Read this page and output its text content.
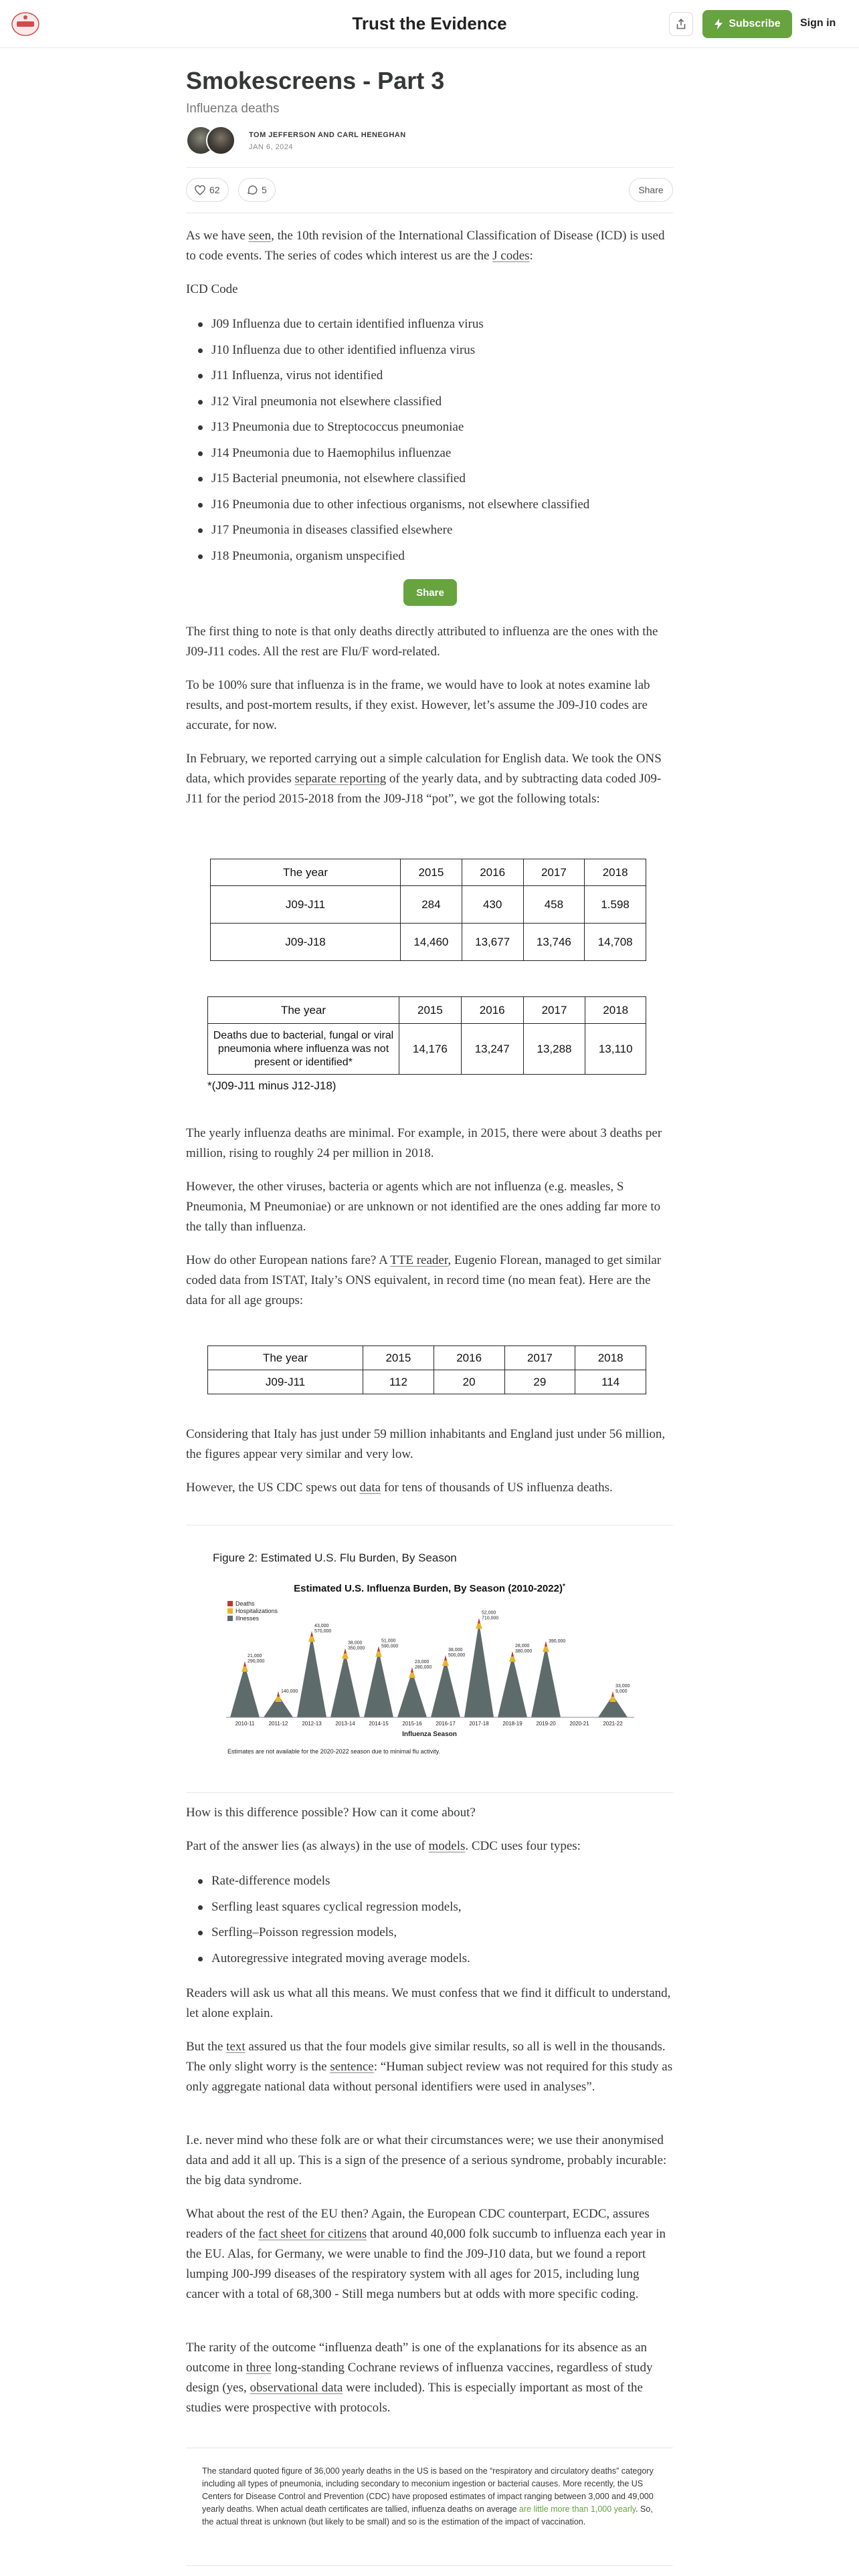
Trust the Evidence	Subscribe Sign in
Smokescreens - Part 3
Influenza deaths
TOM JEFFERSON AND CARL HENEGHAN
JAN 6, 2024
62	5	Share
As we have seen, the 10th revision of the International Classification of Disease (ICD) is used to code events. The series of codes which interest us are the J codes:
ICD Code
J09 Influenza due to certain identified influenza virus
J10 Influenza due to other identified influenza virus
J11 Influenza, virus not identified
J12 Viral pneumonia not elsewhere classified
J13 Pneumonia due to Streptococcus pneumoniae
J14 Pneumonia due to Haemophilus influenzae
J15 Bacterial pneumonia, not elsewhere classified
J16 Pneumonia due to other infectious organisms, not elsewhere classified
J17 Pneumonia in diseases classified elsewhere
J18 Pneumonia, organism unspecified
Share
The first thing to note is that only deaths directly attributed to influenza are the ones with the J09-J11 codes. All the rest are Flu/F word-related.
To be 100% sure that influenza is in the frame, we would have to look at notes examine lab results, and post-mortem results, if they exist. However, let’s assume the J09-J10 codes are accurate, for now.
In February, we reported carrying out a simple calculation for English data. We took the ONS data, which provides separate reporting of the yearly data, and by subtracting data coded J09-J11 for the period 2015-2018 from the J09-J18 “pot”, we got the following totals:
The year	2015	2016	2017	2018
J09-J11	284	430	458	1.598
J09-J18	14,460	13,677	13,746	14,708
The year	2015	2016	2017	2018
Deaths due to bacterial, fungal or viral pneumonia where influenza was not present or identified*	14,176	13,247	13,288	13,110
*(J09-J11 minus J12-J18)
The yearly influenza deaths are minimal. For example, in 2015, there were about 3 deaths per million, rising to roughly 24 per million in 2018.
However, the other viruses, bacteria or agents which are not influenza (e.g. measles, S Pneumonia, M Pneumoniae) or are unknown or not identified are the ones adding far more to the tally than influenza.
How do other European nations fare? A TTE reader, Eugenio Florean, managed to get similar coded data from ISTAT, Italy’s ONS equivalent, in record time (no mean feat). Here are the data for all age groups:
The year	2015	2016	2017	2018
J09-J11	112	20	29	114
Considering that Italy has just under 59 million inhabitants and England just under 56 million, the figures appear very similar and very low.
However, the US CDC spews out data for tens of thousands of US influenza deaths.
Figure 2: Estimated U.S. Flu Burden, By Season
Estimated U.S. Influenza Burden, By Season (2010-2022)*
Deaths
Hospitalizations
Illnesses
21,000
290,000
140,000
43,000
570,000
38,000
350,000
51,000
590,000
23,000
280,000
38,000
500,000
52,000
710,000
28,000
380,000
390,000
33,000
9,000
2010-11	2011-12	2012-13	2013-14	2014-15	2015-16	2016-17	2017-18	2018-19	2019-20	2020-21	2021-22
Influenza Season
Estimates are not available for the 2020-2022 season due to minimal flu activity.
How is this difference possible? How can it come about?
Part of the answer lies (as always) in the use of models. CDC uses four types:
Rate-difference models
Serfling least squares cyclical regression models,
Serfling–Poisson regression models,
Autoregressive integrated moving average models.
Readers will ask us what all this means. We must confess that we find it difficult to understand, let alone explain.
But the text assured us that the four models give similar results, so all is well in the thousands. The only slight worry is the sentence: “Human subject review was not required for this study as only aggregate national data without personal identifiers were used in analyses”.
I.e. never mind who these folk are or what their circumstances were; we use their anonymised data and add it all up. This is a sign of the presence of a serious syndrome, probably incurable: the big data syndrome.
What about the rest of the EU then? Again, the European CDC counterpart, ECDC, assures readers of the fact sheet for citizens that around 40,000 folk succumb to influenza each year in the EU. Alas, for Germany, we were unable to find the J09-J10 data, but we found a report lumping J00-J99 diseases of the respiratory system with all ages for 2015, including lung cancer with a total of 68,300 - Still mega numbers but at odds with more specific coding.
The rarity of the outcome “influenza death” is one of the explanations for its absence as an outcome in three long-standing Cochrane reviews of influenza vaccines, regardless of study design (yes, observational data were included). This is especially important as most of the studies were prospective with protocols.
The standard quoted figure of 36,000 yearly deaths in the US is based on the “respiratory and circulatory deaths” category including all types of pneumonia, including secondary to meconium ingestion or bacterial causes. More recently, the US Centers for Disease Control and Prevention (CDC) have proposed estimates of impact ranging between 3,000 and 49,000 yearly deaths. When actual death certificates are tallied, influenza deaths on average are little more than 1,000 yearly. So, the actual threat is unknown (but likely to be small) and so is the estimation of the impact of vaccination.
